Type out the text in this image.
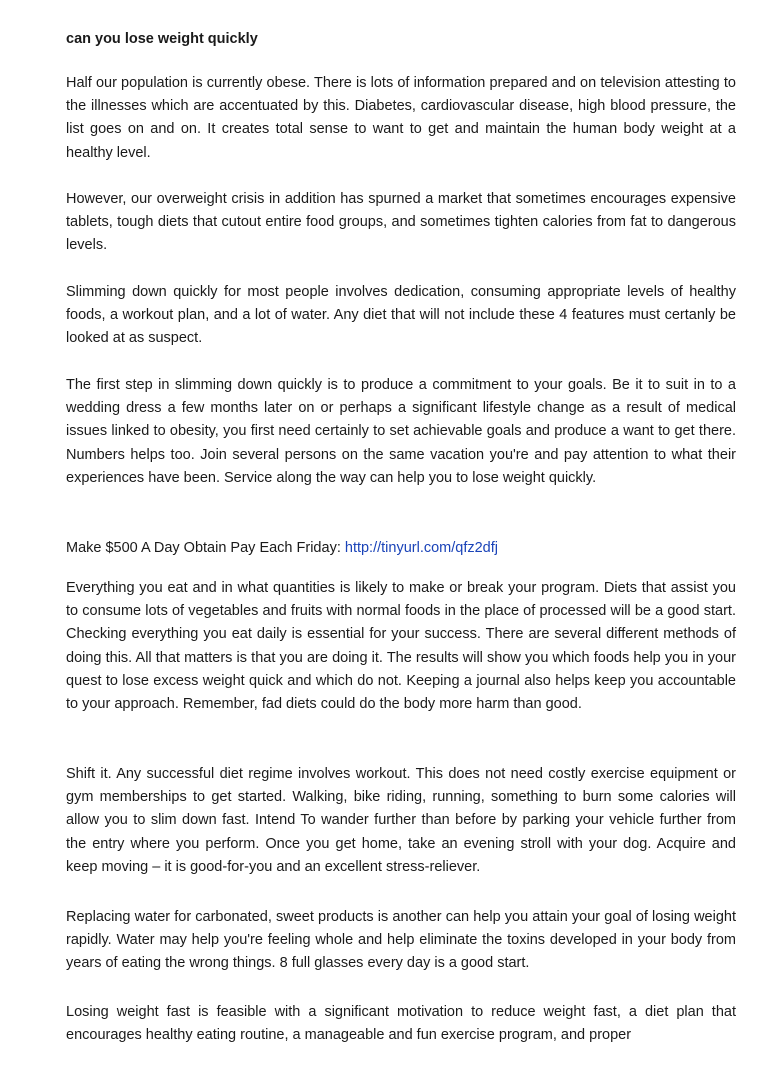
can you lose weight quickly

Half our population is currently obese. There is lots of information prepared and on television attesting to the illnesses which are accentuated by this. Diabetes, cardiovascular disease, high blood pressure, the list goes on and on. It creates total sense to want to get and maintain the human body weight at a healthy level.

However, our overweight crisis in addition has spurned a market that sometimes encourages expensive tablets, tough diets that cutout entire food groups, and sometimes tighten calories from fat to dangerous levels.

Slimming down quickly for most people involves dedication, consuming appropriate levels of healthy foods, a workout plan, and a lot of water. Any diet that will not include these 4 features must certanly be looked at as suspect.

The first step in slimming down quickly is to produce a commitment to your goals. Be it to suit in to a wedding dress a few months later on or perhaps a significant lifestyle change as a result of medical issues linked to obesity, you first need certainly to set achievable goals and produce a want to get there. Numbers helps too. Join several persons on the same vacation you're and pay attention to what their experiences have been. Service along the way can help you to lose weight quickly.

Make $500 A Day Obtain Pay Each Friday: http://tinyurl.com/qfz2dfj

Everything you eat and in what quantities is likely to make or break your program. Diets that assist you to consume lots of vegetables and fruits with normal foods in the place of processed will be a good start. Checking everything you eat daily is essential for your success. There are several different methods of doing this. All that matters is that you are doing it. The results will show you which foods help you in your quest to lose excess weight quick and which do not. Keeping a journal also helps keep you accountable to your approach. Remember, fad diets could do the body more harm than good.

Shift it. Any successful diet regime involves workout. This does not need costly exercise equipment or gym memberships to get started. Walking, bike riding, running, something to burn some calories will allow you to slim down fast. Intend To wander further than before by parking your vehicle further from the entry where you perform. Once you get home, take an evening stroll with your dog. Acquire and keep moving – it is good-for-you and an excellent stress-reliever.

Replacing water for carbonated, sweet products is another can help you attain your goal of losing weight rapidly. Water may help you're feeling whole and help eliminate the toxins developed in your body from years of eating the wrong things. 8 full glasses every day is a good start.

Losing weight fast is feasible with a significant motivation to reduce weight fast, a diet plan that encourages healthy eating routine, a manageable and fun exercise program, and proper
